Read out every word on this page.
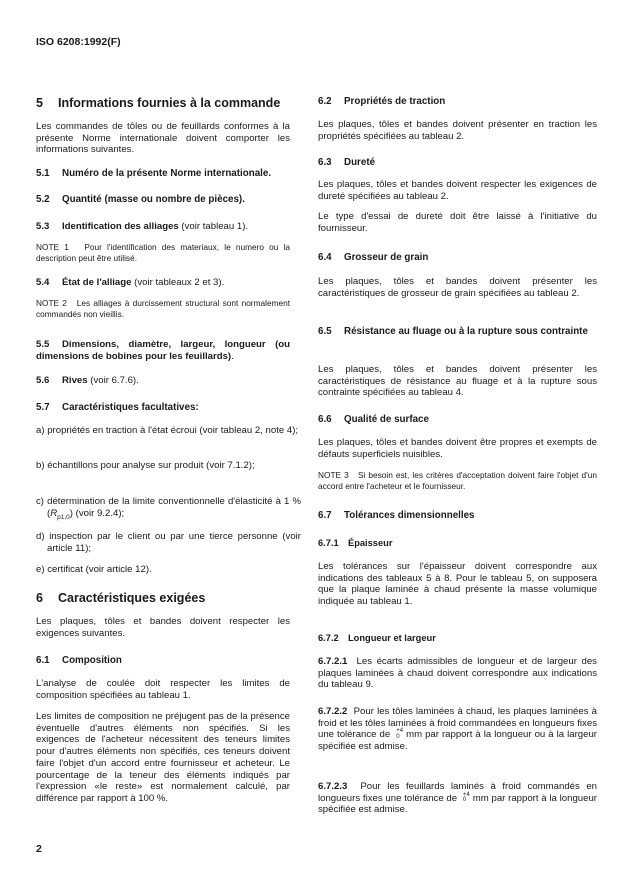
ISO 6208:1992(F)
5 Informations fournies à la commande
Les commandes de tôles ou de feuillards conformes à la présente Norme internationale doivent comporter les informations suivantes.
5.1 Numéro de la présente Norme internationale.
5.2 Quantité (masse ou nombre de pièces).
5.3 Identification des alliages (voir tableau 1).
NOTE 1 Pour l'identification des materiaux, le numero ou la description peut être utilisé.
5.4 État de l'alliage (voir tableaux 2 et 3).
NOTE 2 Les alliages à durcissement structural sont normalement commandés non vieillis.
5.5 Dimensions, diamètre, largeur, longueur (ou dimensions de bobines pour les feuillards).
5.6 Rives (voir 6.7.6).
5.7 Caractéristiques facultatives:
a) propriétés en traction à l'état écroui (voir tableau 2, note 4);
b) échantillons pour analyse sur produit (voir 7.1.2);
c) détermination de la limite conventionnelle d'élasticité à 1 % $(R_{p1,0})$ (voir 9.2.4);
d) inspection par le client ou par une tierce personne (voir article 11);
e) certificat (voir article 12).
6 Caractéristiques exigées
Les plaques, tôles et bandes doivent respecter les exigences suivantes.
6.1 Composition
L'analyse de coulée doit respecter les limites de composition spécifiées au tableau 1.
Les limites de composition ne préjugent pas de la présence éventuelle d'autres éléments non spécifiés. Si les exigences de l'acheteur nécessitent des teneurs limites pour d'autres éléments non spécifiés, ces teneurs doivent faire l'objet d'un accord entre fournisseur et acheteur. Le pourcentage de la teneur des éléments indiqués par l'expression «le reste» est normalement calculé, par différence par rapport à 100 %.
2
6.2 Propriétés de traction
Les plaques, tôles et bandes doivent présenter en traction les propriétés spécifiées au tableau 2.
6.3 Dureté
Les plaques, tôles et bandes doivent respecter les exigences de dureté spécifiées au tableau 2.
Le type d'essai de dureté doit être laissé à l'initiative du fournisseur.
6.4 Grosseur de grain
Les plaques, tôles et bandes doivent présenter les caractéristiques de grosseur de grain spécifiées au tableau 2.
6.5 Résistance au fluage ou à la rupture sous contrainte
Les plaques, tôles et bandes doivent présenter les caractéristiques de résistance au fluage et à la rupture sous contrainte spécifiées au tableau 4.
6.6 Qualité de surface
Les plaques, tôles et bandes doivent être propres et exempts de défauts superficiels nuisibles.
NOTE 3 Si besoin est, les critères d'acceptation doivent faire l'objet d'un accord entre l'acheteur et le fournisseur.
6.7 Tolérances dimensionnelles
6.7.1 Épaisseur
Les tolérances sur l'épaisseur doivent correspondre aux indications des tableaux 5 à 8. Pour le tableau 5, on supposera que la plaque laminée à chaud présente la masse volumique indiquée au tableau 1.
6.7.2 Longueur et largeur
6.7.2.1 Les écarts admissibles de longueur et de largeur des plaques laminées à chaud doivent correspondre aux indications du tableau 9.
6.7.2.2 Pour les tôles laminées à chaud, les plaques laminées à froid et les tôles laminées à froid commandées en longueurs fixes une tolérance de +4
0 mm par rapport à la longueur ou à la largeur spécifiée est admise.
6.7.2.3 Pour les feuillards laminés à froid commandés en longueurs fixes une tolérance de +4
0 mm par rapport à la longueur spécifiée est admise.
